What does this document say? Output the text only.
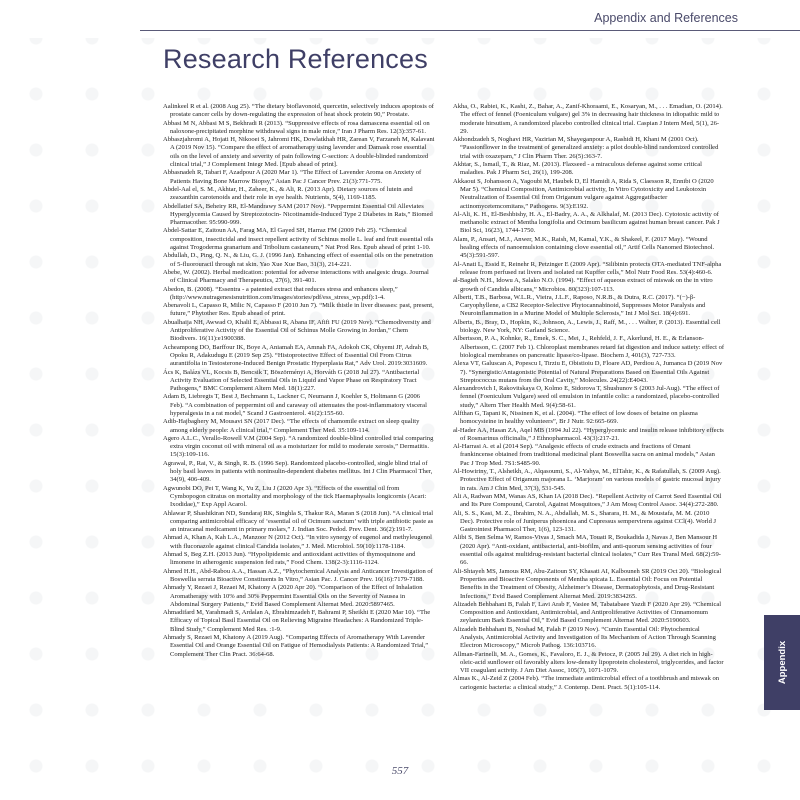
Appendix and References
Research References

Aalinkeel R et al. (2008 Aug 25). “The dietary bioflavonoid, quercetin, selectively induces apoptosis of prostate cancer cells by down-regulating the expression of heat shock protein 90,” Prostate.

Abbasi M N, Abbasi M S, Bekhradi R (2013). “Suppressive effects of rosa damascena essential oil on naloxone-precipitated morphine withdrawal signs in male mice,” Iran J Pharm Res. 12(3):357-61.

Abbaszjahromi A, Hojati H, Nikooei S, Jahromi HK, Dowlatkhah HR, Zarean V, Farzaneh M, Kalavani A (2019 Nov 15). “Compare the effect of aromatherapy using lavender and Damask rose essential oils on the level of anxiety and severity of pain following C-section: A double-blinded randomized clinical trial,” J Complement Integr Med. [Epub ahead of print].

Abbasnadeh R, Tabari F, Azadpour A (2020 Mar 1). “The Effect of Lavender Aroma on Anxiety of Patients Having Bone Marrow Biopsy,” Asian Pac J Cancer Prev. 21(3):771-775.

Abdel-Aal el, S. M., Akhtar, H., Zaheer, K., & Ali, R. (2013 Apr). Dietary sources of lutein and zeaxanthin carotenoids and their role in eye health. Nutrients, 5(4), 1169-1185.

Abdellatief SA, Beheiry RR, El-Mandrawy SAM (2017 Nov). “Peppermint Essential Oil Alleviates Hyperglycemia Caused by Streptozotocin- Nicotinamide-Induced Type 2 Diabetes in Rats,” Biomed Pharmacother. 95:990-999.

Abdel-Sattar E, Zaitoun AA, Farag MA, El Gayed SH, Harraz FM (2009 Feb 25). “Chemical composition, insecticidal and insect repellent activity of Schinus molle L. leaf and fruit essential oils against Trogoderma granarium and Tribolium castaneum,” Nat Prod Res. Epub ahead of print 1-10.

Abdullah, D., Ping, Q. N., & Liu, G. J. (1996 Jan). Enhancing effect of essential oils on the penetration of 5-fluorouracil through rat skin. Yao Xue Xue Bao, 31(3), 214-221.

Abebe, W. (2002). Herbal medication: potential for adverse interactions with analgesic drugs. Journal of Clinical Pharmacy and Therapeutics, 27(6), 391-401.

Abedon, B. (2008). “Essentra - a patented extract that reduces stress and enhances sleep,” (http://www.nutragenesisnutrition.com/images/stories/pdf/ess_stress_wp.pdf):1-4.

Abenavoli L, Capasso R, Milic N, Capasso F (2010 Jun 7). “Milk thistle in liver diseases: past, present, future,” Phytother Res. Epub ahead of print.

Abualhaija NH, Awwad O, Khalil E, Abbassi R, Abana IF, Afifi FU (2019 Nov). “Chemodiversity and Antiproliferative Activity of the Essential Oil of Schinus Molle Growing in Jordan,” Chem Biodivers. 16(11):e1900388.

Acheampong DO, Barffour IK, Boye A, Aniamah EA, Amnah FA, Adokoh CK, Ohyemi JF, Adrah B, Opoku R, Adakudugu E (2019 Sep 25). “Histoprotective Effect of Essential Oil From Citrus aurantifolia in Testosterone-Induced Benign Prostatic Hyperplasia Rat,” Adv Urol. 2019:3031609.

Ács K, Balázs VL, Kocsis B, Bencsik T, Böszörményi A, Horváth G (2018 Jul 27). “Antibacterial Activity Evaluation of Selected Essential Oils in Liquid and Vapor Phase on Respiratory Tract Pathogens,” BMC Complement Altern Med. 18(1):227.

Adam B, Liebregts T, Best J, Bechmann L, Lackner C, Neumann J, Koehler S, Holtmann G (2006 Feb). “A combination of peppermint oil and caraway oil attenuates the post-inflammatory visceral hyperalgesia in a rat model,” Scand J Gastroenterol. 41(2):155-60.

Adib-Hajbaghery M, Mousavi SN (2017 Dec). “The effects of chamomile extract on sleep quality among elderly people: A clinical trial,” Complement Ther Med. 35:109-114.

Agero A.L.C., Verallo-Rowell V.M (2004 Sep). “A randomized double-blind controlled trial comparing extra virgin coconut oil with mineral oil as a moisturizer for mild to moderate xerosis,” Dermatitis. 15(3):109-116.

Agrawal, P., Rai, V., & Singh, R. B. (1996 Sep). Randomized placebo-controlled, single blind trial of holy basil leaves in patients with noninsulin-dependent diabetes mellitus. Int J Clin Pharmacol Ther, 34(9), 406-409.

Agwunobi DO, Pei T, Wang K, Yu Z, Liu J (2020 Apr 3). “Effects of the essential oil from Cymbopogon citratus on mortality and morphology of the tick Haemaphysalis longicornis (Acari: Ixodidae),” Exp Appl Acarol.

Ahlawar P, Shashikiran ND, Sundaraj RK, Singhla S, Thakur RA, Maran S (2018 Jun). “A clinical trial comparing antimicrobial efficacy of ‘essential oil of Ocimum sanctum’ with triple antibiotic paste as an intracanal medicament in primary molars,” J. Indian Soc. Pedod. Prev. Dent. 36(2):191-7.

Ahmad A, Khan A, Kah L.A., Manzoor N (2012 Oct). “In vitro synergy of eugenol and methyleugenol with fluconazole against clinical Candida isolates,” J. Med. Microbiol. 59(10):1178-1184.

Ahmad S, Beg Z.H. (2013 Jun). “Hypolipidemic and antioxidant activities of thymoquinone and limonene in atherogenic suspension fed rats,” Food Chem. 138(2-3):1116-1124.

Ahmed H.H., Abd-Rabou A.A., Hassan A.Z., “Phytochemical Analysis and Anticancer Investigation of Boswellia serrata Bioactive Constituents In Vitro,” Asian Pac. J. Cancer Prev. 16(16):7179-7188.

Ahmady Y, Rezaei J, Rezaei M, Khatony A (2020 Apr 20). “Comparison of the Effect of Inhalation Aromatherapy with 10% and 30% Peppermint Essential Oils on the Severity of Nausea in Abdominal Surgery Patients,” Evid Based Complement Alternat Med. 2020:5897465.

Ahmadifard M, Yarahmadi S, Ardalan A, Ebrahimzadeh F, Bahrami P, Sheikhi E (2020 Mar 10). “The Efficacy of Topical Basil Essential Oil on Relieving Migraine Headaches: A Randomized Triple-Blind Study,” Complement Med Res. :1-9.

Ahmady S, Rezaei M, Khatony A (2019 Aug). “Comparing Effects of Aromatherapy With Lavender Essential Oil and Orange Essential Oil on Fatigue of Hemodialysis Patients: A Randomized Trial,” Complement Ther Clin Pract. 36:64-68.

Akha, O., Rabiei, K., Kashi, Z., Bahar, A., Zanif-Khoraami, E., Kosaryan, M., . . . Emadian, O. (2014). The effect of fennel (Foeniculum vulgare) gel 3% in decreasing hair thickness in idiopathic mild to moderate hirsutism, A randomized placebo controlled clinical trial. Caspian J Intern Med, 5(1), 26-29.

Akhondzadeh S, Noghavi HR, Vazirian M, Shayeganpour A, Rashidi H, Khani M (2001 Oct). “Passionflower in the treatment of generalized anxiety: a pilot double-blind randomized controlled trial with oxazepam,” J Clin Pharm Ther. 26(5):363-7.

Akhtar, S., Ismail, T., & Riaz, M. (2013). Flaxseed - a miraculous defense against some critical maladies. Pak J Pharm Sci, 26(1), 199-208.

Akkaoui S, Johansson A, Yagoubi M, Haubek D, El Hamidi A, Rida S, Claesson R, Ennibi O (2020 Mar 5). “Chemical Composition, Antimicrobial activity, In Vitro Cytotoxicity and Leukotoxin Neutralization of Essential Oil from Origanum vulgare against Aggregatibacter actinomycetemcomitans,” Pathogens. 9(3):E192.

Al-Ali, K. H., El-Beshbishy, H. A., El-Badry, A. A., & Alkhalaf, M. (2013 Dec). Cytotoxic activity of methanolic extract of Mentha longifolia and Ocimum basilicum against human breast cancer. Pak J Biol Sci, 16(23), 1744-1750.

Alam, P., Ansari, M.J., Anwer, M.K., Raish, M, Kamal, Y.K., & Shakeel, F. (2017 May). “Wound healing effects of nanoemulsion containing clove essential oil,” Artif Cells Nanomed Biotechnol. 45(3):591-597.

Al-Anati L, Essid E, Reinehr R, Petzinger E (2009 Apr). “Silibinin protects OTA-mediated TNF-alpha release from perfused rat livers and isolated rat Kupffer cells,” Mol Nutr Food Res. 53(4):460-6.

al-Bagieh N.H., Idowu A, Salako N.O. (1994). “Effect of aqueous extract of miswak on the in vitro growth of Candida albicans,” Microbios. 80(323):107-113.

Alberti, T.B., Barbosa, W.L.R., Vieira, J.L.F., Raposo, N.R.B., & Dutra, R.C. (2017). “(−)-β-Caryophyllene, a CB2 Receptor-Selective Phytocannabinoid, Suppresses Motor Paralysis and Neuroinflammation in a Murine Model of Multiple Sclerosis,” Int J Mol Sci. 18(4):691.

Alberts, B., Bray, D., Hopkin, K., Johnson, A., Lewis, J., Raff, M., . . . Walter, P. (2013). Essential cell biology. New York, NY: Garland Science.

Albertsson, P. A., Kohnke, R., Emek, S. C., Mei, J., Rehfeld, J. F., Akerlund, H. E., & Erlanson-Albertsson, C. (2007 Feb 1). Chloroplast membranes retard fat digestion and induce satiety: effect of biological membranes on pancreatic lipase/co-lipase. Biochem J, 401(3), 727-733.

Alexa VT, Galuscan A, Popescu I, Tirziu E, Obistioiu D, Floare AD, Perdiou A, Jumanca D (2019 Nov 7). “Synergistic/Antagonistic Potential of Natural Preparations Based on Essential Oils Against Streptococcus mutans from the Oral Cavity,” Molecules. 24(22):E4043.

Alexandrovich I, Rakovitskaya O, Kolmo E, Sidorova T, Shushunov S (2003 Jul-Aug). “The effect of fennel (Foeniculum Vulgare) seed oil emulsion in infantile colic: a randomized, placebo-controlled study,” Altern Ther Health Med. 9(4):58-61.

Alfthan G, Tapani K, Nissinen K, et al. (2004). “The effect of low doses of betaine on plasma homocysteine in healthy volunteers”, Br J Nutr. 92:665-669.

al-Hader AA, Hasan ZA, Aqel MB (1994 Jul 22). “Hyperglycemic and insulin release inhibitory effects of Rosmarinus officinalis,” J Ethnopharmacol. 43(3):217-21.

Al-Harrasi A. et al (2014 Sep). “Analgesic effects of crude extracts and fractions of Omani frankincense obtained from traditional medicinal plant Boswellia sacra on animal models,” Asian Pac J Trop Med. 7S1:S485-90.

Al-Howiriny, T., Alsheikh, A., Alqasoumi, S., Al-Yahya, M., ElTahir, K., & Rafatullah, S. (2009 Aug). Protective Effect of Origanum majorana L. ‘Marjoram’ on various models of gastric mucosal injury in rats. Am J Chin Med, 37(3), 531-545.

Ali A, Radwan MM, Wanas AS, Khan IA (2018 Dec). “Repellent Activity of Carrot Seed Essential Oil and Its Pure Compound, Carotol, Against Mosquitoes,” J Am Mosq Control Assoc. 34(4):272-280.

Ali, S. S., Kasi, M. Z., Ibrahim, N. A., Abdallah, M. S., Sharara, H. M., & Moustafa, M. M. (2010 Dec). Protective role of Juniperus phoenicea and Cupressus sempervirens against CCl(4). World J Gastrointest Pharmacol Ther, 1(6), 123-131.

Alibi S, Ben Selma W, Ramos-Vivas J, Smach MA, Touati R, Boukadida J, Navas J, Ben Mansour H (2020 Apr). “Anti-oxidant, antibacterial, anti-biofilm, and anti-quorum sensing activities of four essential oils against multidrug-resistant bacterial clinical isolates,” Curr Res Transl Med. 68(2):59-66.

Ali-Shtayeh MS, Jamous RM, Abu-Zaitoun SY, Khasati AI, Kalbouneh SR (2019 Oct 20). “Biological Properties and Bioactive Components of Mentha spicata L. Essential Oil: Focus on Potential Benefits in the Treatment of Obesity, Alzheimer’s Disease, Dermatophytosis, and Drug-Resistant Infections,” Evid Based Complement Alternat Med. 2019:3834265.

Alizadeh Behbahani B, Falah F, Lavi Arab F, Vasiee M, Tabatabaee Yazdi F (2020 Apr 29). “Chemical Composition and Antioxidant, Antimicrobial, and Antiproliferative Activities of Cinnamomum zeylanicum Bark Essential Oil,” Evid Based Complement Alternat Med. 2020:5190603.

Alizadeh Behbahani B, Noshad M, Falah F (2019 Nov). “Cumin Essential Oil: Phytochemical Analysis, Antimicrobial Activity and Investigation of Its Mechanism of Action Through Scanning Electron Microscopy,” Microb Pathog. 136:103716.

Allman-Farinelli, M. A., Gomes, K., Favaloro, E. J., & Petocz, P. (2005 Jul 29). A diet rich in high-oleic-acid sunflower oil favorably alters low-density lipoprotein cholesterol, triglycerides, and factor VII coagulant activity. J Am Diet Assoc, 105(7), 1071-1079.

Almas K., Al-Zeid Z (2004 Feb). “The immediate antimicrobial effect of a toothbrush and miswak on cariogenic bacteria: a clinical study,” J. Contemp. Dent. Pract. 5(1):105-114.

Appendix
557
